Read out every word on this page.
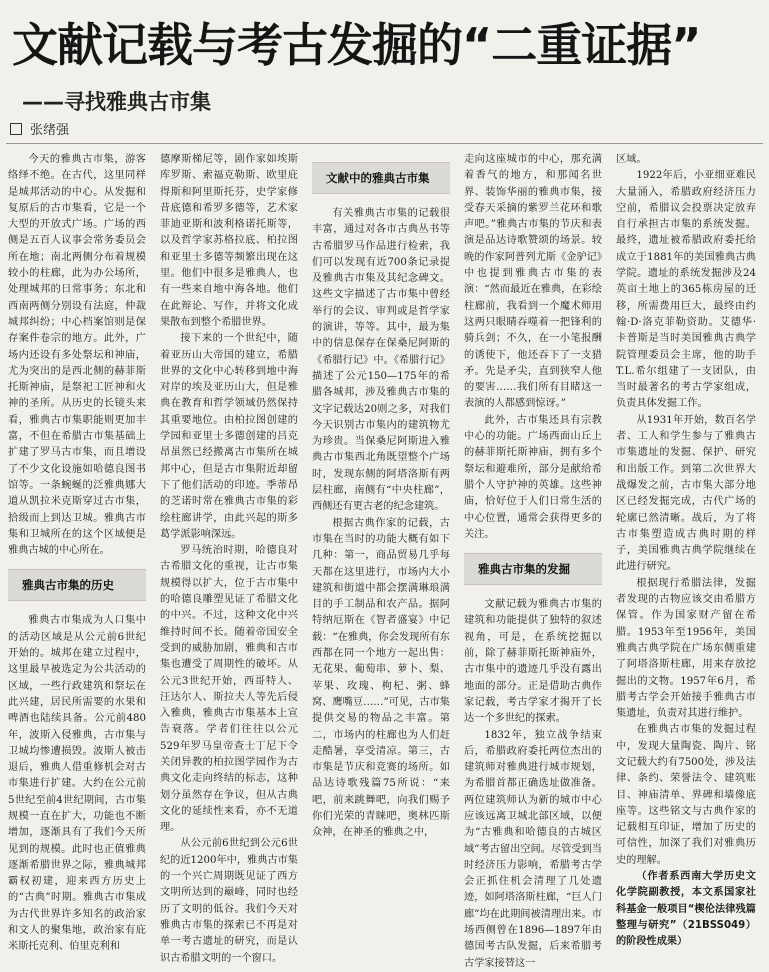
文献记载与考古发掘的“二重证据”
——寻找雅典古市集
张绪强

今天的雅典古市集，游客络绎不绝。在古代，这里同样是城邦活动的中心。从发掘和复原后的古市集看，它是一个大型的开放式广场。广场的西侧是五百人议事会常务委员会所在地；南北两侧分布着规模较小的柱廊，此为办公场所，处理城邦的日常事务；东北和西南两侧分别设有法庭，仲裁城邦纠纷；中心档案馆则是保存案件卷宗的地方。此外，广场内还设有多处祭坛和神庙，尤为突出的是西北侧的赫菲斯托斯神庙，是祭祀工匠神和火神的圣所。从历史的长镜头来看，雅典古市集职能则更加丰富，不但在希腊古市集基础上扩建了罗马古市集，而且增设了不少文化设施如哈德良图书馆等。一条蜿蜒的泛雅典娜大道从凯拉米克斯穿过古市集，拾级而上到达卫城。雅典古市集和卫城所在的这个区域便是雅典古城的中心所在。

雅典古市集的历史

雅典古市集成为人口集中的活动区域是从公元前6世纪开始的。城邦在建立过程中，这里最早被选定为公共活动的区域，一些行政建筑和祭坛在此兴建，居民所需要的水果和啤酒也陆续具备。公元前480年，波斯入侵雅典，古市集与卫城均惨遭损毁。波斯人被击退后，雅典人借重修机会对古市集进行扩建。大约在公元前5世纪至前4世纪期间，古市集规模一直在扩大，功能也不断增加，逐渐具有了我们今天所见到的规模。此时也正值雅典逐渐希腊世界之际，雅典城邦霸权初建，迎来西方历史上的“古典”时期。雅典古市集成为古代世界许多知名的政治家和文人的聚集地，政治家有庇米斯托克利、伯里克利和

德摩斯梯尼等，剧作家如埃斯库罗斯、索福克勒斯、欧里庇得斯和阿里斯托芬，史学家修昔底德和希罗多德等，艺术家菲迪亚斯和波利格诺托斯等，以及哲学家苏格拉底、柏拉图和亚里士多德等频繁出现在这里。他们中很多是雅典人，也有一些来自地中海各地。他们在此辩论、写作，并将文化成果散布到整个希腊世界。

接下来的一个世纪中，随着亚历山大帝国的建立，希腊世界的文化中心转移到地中海对岸的埃及亚历山大，但是雅典在教育和哲学领域仍然保持其重要地位。由柏拉图创建的学园和亚里士多德创建的吕克昂虽然已经搬离古市集所在城邦中心，但是古市集附近却留下了他们活动的印迹。季蒂昂的芝诺时常在雅典古市集的彩绘柱廊讲学，由此兴起的斯多葛学派影响深远。

罗马统治时期，哈德良对古希腊文化的重视，让古市集规模得以扩大，位于古市集中的哈德良雕塑见证了希腊文化的中兴。不过，这种文化中兴维持时间不长。随着帝国安全受到的威胁加剧，雅典和古市集也遭受了周期性的破坏。从公元3世纪开始，西哥特人、汪达尔人、斯拉夫人等先后侵入雅典，雅典古市集基本上宣告衰落。学者们往往以公元529年罗马皇帝查士丁尼下令关闭异教的柏拉图学园作为古典文化走向终结的标志，这种划分虽然存在争议，但从古典文化的延续性来看，亦不无道理。

从公元前6世纪到公元6世纪的近1200年中，雅典古市集的一个兴亡周期既见证了西方文明所达到的巅峰，同时也经历了文明的低谷。我们今天对雅典古市集的探索已不再是对单一考古遗址的研究，而是认识古希腊文明的一个窗口。

文献中的雅典古市集

有关雅典古市集的记载很丰富，通过对各市古典丛书等古希腊罗马作品进行检索，我们可以发现有近700条记录提及雅典古市集及其纪念碑文。这些文字描述了古市集中曾经举行的会议、审判或是哲学家的演讲，等等。其中，最为集中的信息保存在保桑尼阿斯的《希腊行记》中。《希腊行记》描述了公元150—175年的希腊各城邦，涉及雅典古市集的文字记载达20则之多，对我们今天识别古市集内的建筑物尤为珍贵。当保桑尼阿斯进入雅典古市集西北角既望整个广场时，发现东侧的阿塔洛斯有两层柱廊，南侧有“中央柱廊”，西侧还有更古老的纪念建筑。

根据古典作家的记载，古市集在当时的功能大概有如下几种：第一，商品贸易几乎每天都在这里进行，市场内大小建筑和街道中都会摆满琳琅满目的手工制品和农产品。据阿特纳厄斯在《智者盛宴》中记载：“在雅典，你会发现所有东西都在同一个地方一起出售：无花果、葡萄串、萝卜、梨、苹果、玫瑰、枸杞、粥、蜂窝、鹰嘴豆……”可见，古市集提供交易的物品之丰富。第二，市场内的柱廊也为人们赶走酷暑，享受清凉。第三，古市集是节庆和竞赛的场所。如品达诗歌残篇75所说：“来吧，前来跳舞吧，向我们赐予你们光荣的青睐吧，奥林匹斯众神，在神圣的雅典之中，

走向这座城市的中心，那充满着香气的地方，和那闻名世界、装饰华丽的雅典市集，接受春天采摘的紫罗兰花环和歌声吧。”雅典古市集的节庆和表演是品达诗歌赞颂的场景。较晚的作家阿普列尤斯《金驴记》中也提到雅典古市集的表演：“然而最近在雅典，在彩绘柱廊前，我看到一个魔术师用这两只眼睛吞噬着一把锋利的骑兵剑；不久，在一小笔报酬的诱使下，他还吞下了一支猎矛。先是矛尖，直到狭窄人他的要害……我们所有目睹这一表演的人都感到惊讶。”

此外，古市集还具有宗教中心的功能。广场西面山丘上的赫菲斯托斯神庙，拥有多个祭坛和避难所，部分是献给希腊个人守护神的英雄。这些神庙，恰好位于人们日常生活的中心位置，通常会获得更多的关注。

雅典古市集的发掘

文献记载为雅典古市集的建筑和功能提供了独特的叙述视角，可是，在系统挖掘以前，除了赫菲斯托斯神庙外，古市集中的遗迹几乎没有露出地面的部分。正是借助古典作家记载，考古学家才揭开了长达一个多世纪的探索。

1832年，独立战争结束后，希腊政府委托两位杰出的建筑师对雅典进行城市规划，为希腊首都正确选址做准备。两位建筑师认为新的城市中心应该远离卫城北部区域，以便为“古雅典和哈德良的古城区域”考古留出空间。尽管受到当时经济压力影响，希腊考古学会正抓住机会清理了几处遗迹，如阿塔洛斯柱廊，“巨人门廊”均在此期间被清理出来。市场西侧曾在1896—1897年由德国考古队发掘，后来希腊考古学家接替这一

区域。

1922年后，小亚细亚难民大量涌入，希腊政府经济压力空前，希腊议会投票决定放弃自行承担古市集的系统发掘。最终，遗址被希腊政府委托给成立于1881年的美国雅典古典学院。遗址的系统发掘涉及24英亩土地上的365栋房屋的迁移，所需费用巨大，最终由约翰·D·洛克菲勒资助。艾德华·卡普斯是当时美国雅典古典学院管理委员会主席，他的助手T.L.希尔组建了一支团队，由当时最著名的考古学家组成，负责具体发掘工作。

从1931年开始，数百名学者、工人和学生参与了雅典古市集遗址的发掘、保护、研究和出版工作。到第二次世界大战爆发之前，古市集大部分地区已经发掘完成，古代广场的轮廓已然清晰。战后，为了将古市集塑造成古典时期的样子，美国雅典古典学院继续在此进行研究。

根据现行希腊法律，发掘者发现的古物应该交由希腊方保管。作为国家财产留在希腊。1953年至1956年，美国雅典古典学院在广场东侧重建了阿塔洛斯柱廊，用来存放挖掘出的文物。1957年6月，希腊考古学会开始接手雅典古市集遗址，负责对其进行维护。

在雅典古市集的发掘过程中，发现大量陶瓷、陶片、铭文记载大约有7500处，涉及法律、条约、荣誉法令、建筑账目、神庙清单、界碑和墙像底座等。这些铭文与古典作家的记载相互印证，增加了历史的可信性，加深了我们对雅典历史的理解。

（作者系西南大学历史文化学院副教授，本文系国家社科基金一般项目“楔伦法律残篇整理与研究”（21BSS049）的阶段性成果）
